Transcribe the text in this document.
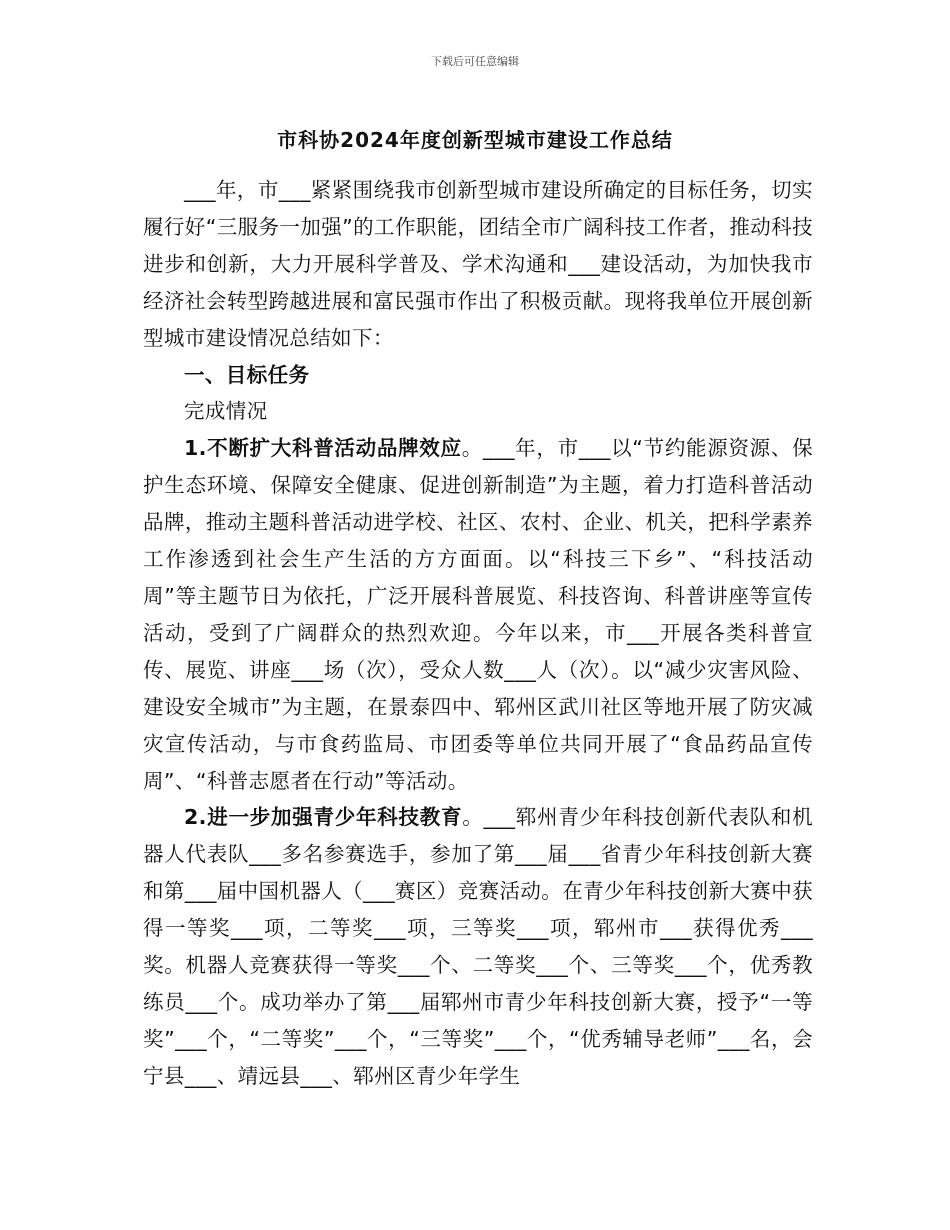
下载后可任意编辑
市科协2024年度创新型城市建设工作总结

___年，市___紧紧围绕我市创新型城市建设所确定的目标任务，切实履行好“三服务一加强”的工作职能，团结全市广阔科技工作者，推动科技进步和创新，大力开展科学普及、学术沟通和___建设活动，为加快我市经济社会转型跨越进展和富民强市作出了积极贡献。现将我单位开展创新型城市建设情况总结如下：

一、目标任务

完成情况

1.不断扩大科普活动品牌效应。___年，市___以“节约能源资源、保护生态环境、保障安全健康、促进创新制造”为主题，着力打造科普活动品牌，推动主题科普活动进学校、社区、农村、企业、机关，把科学素养工作渗透到社会生产生活的方方面面。以“科技三下乡”、“科技活动周”等主题节日为依托，广泛开展科普展览、科技咨询、科普讲座等宣传活动，受到了广阔群众的热烈欢迎。今年以来，市___开展各类科普宣传、展览、讲座___场（次），受众人数___人（次）。以“减少灾害风险、建设安全城市”为主题，在景泰四中、郓州区武川社区等地开展了防灾减灾宣传活动，与市食药监局、市团委等单位共同开展了“食品药品宣传周”、“科普志愿者在行动”等活动。

2.进一步加强青少年科技教育。___郓州青少年科技创新代表队和机器人代表队___多名参赛选手，参加了第___届___省青少年科技创新大赛和第___届中国机器人（___赛区）竞赛活动。在青少年科技创新大赛中获得一等奖___项，二等奖___项，三等奖___项，郓州市___获得优秀___奖。机器人竞赛获得一等奖___个、二等奖___个、三等奖___个，优秀教练员___个。成功举办了第___届郓州市青少年科技创新大赛，授予“一等奖”___个，“二等奖”___个，“三等奖”___个，“优秀辅导老师”___名，会宁县___、靖远县___、郓州区青少年学生
